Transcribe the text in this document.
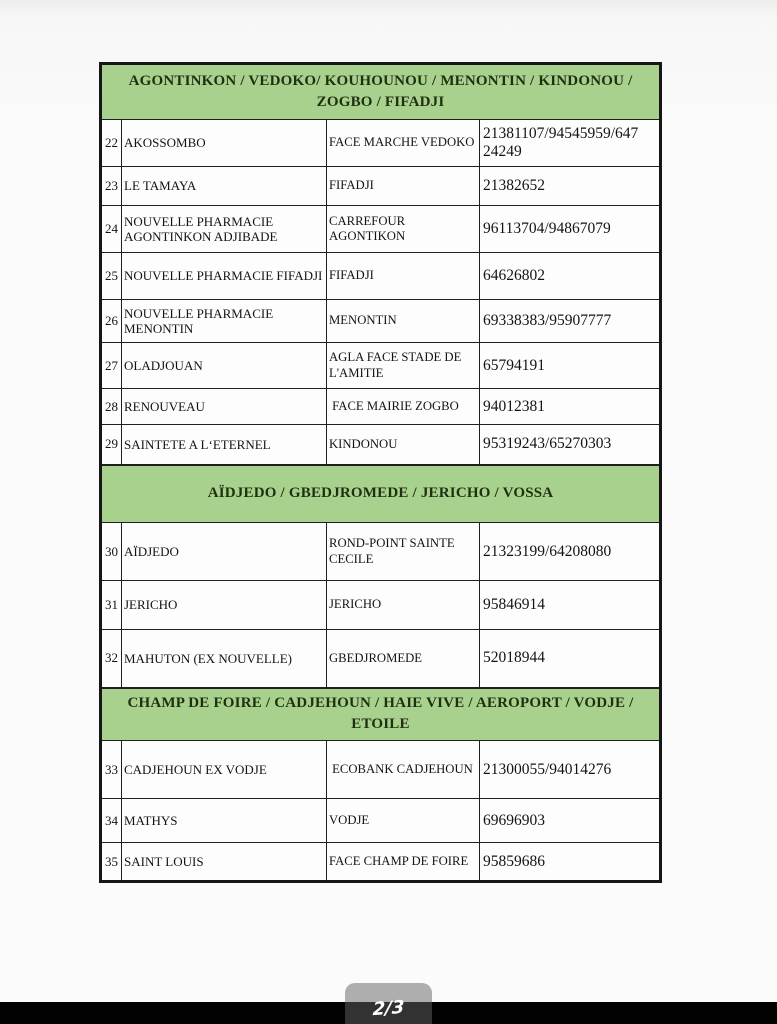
AGONTINKON / VEDOKO/ KOUHOUNOU / MENONTIN / KINDONOU / ZOGBO / FIFADJI			
22	AKOSSOMBO	FACE MARCHE VEDOKO	21381107/94545959/64724249
23	LE TAMAYA	FIFADJI	21382652
24	NOUVELLE PHARMACIE AGONTINKON ADJIBADE	CARREFOUR AGONTIKON	96113704/94867079
25	NOUVELLE PHARMACIE FIFADJI	FIFADJI	64626802
26	NOUVELLE PHARMACIE MENONTIN	MENONTIN	69338383/95907777
27	OLADJOUAN	AGLA FACE STADE DE L'AMITIE	65794191
28	RENOUVEAU	FACE MAIRIE ZOGBO	94012381
29	SAINTETE A L‘ETERNEL	KINDONOU	95319243/65270303
AÏDJEDO / GBEDJROMEDE / JERICHO / VOSSA			
30	AÏDJEDO	ROND-POINT SAINTE CECILE	21323199/64208080
31	JERICHO	JERICHO	95846914
32	MAHUTON (EX NOUVELLE)	GBEDJROMEDE	52018944
CHAMP DE FOIRE / CADJEHOUN / HAIE VIVE / AEROPORT / VODJE / ETOILE			
33	CADJEHOUN EX VODJE	ECOBANK CADJEHOUN	21300055/94014276
34	MATHYS	VODJE	69696903
35	SAINT LOUIS	FACE CHAMP DE FOIRE	95859686
2/3
